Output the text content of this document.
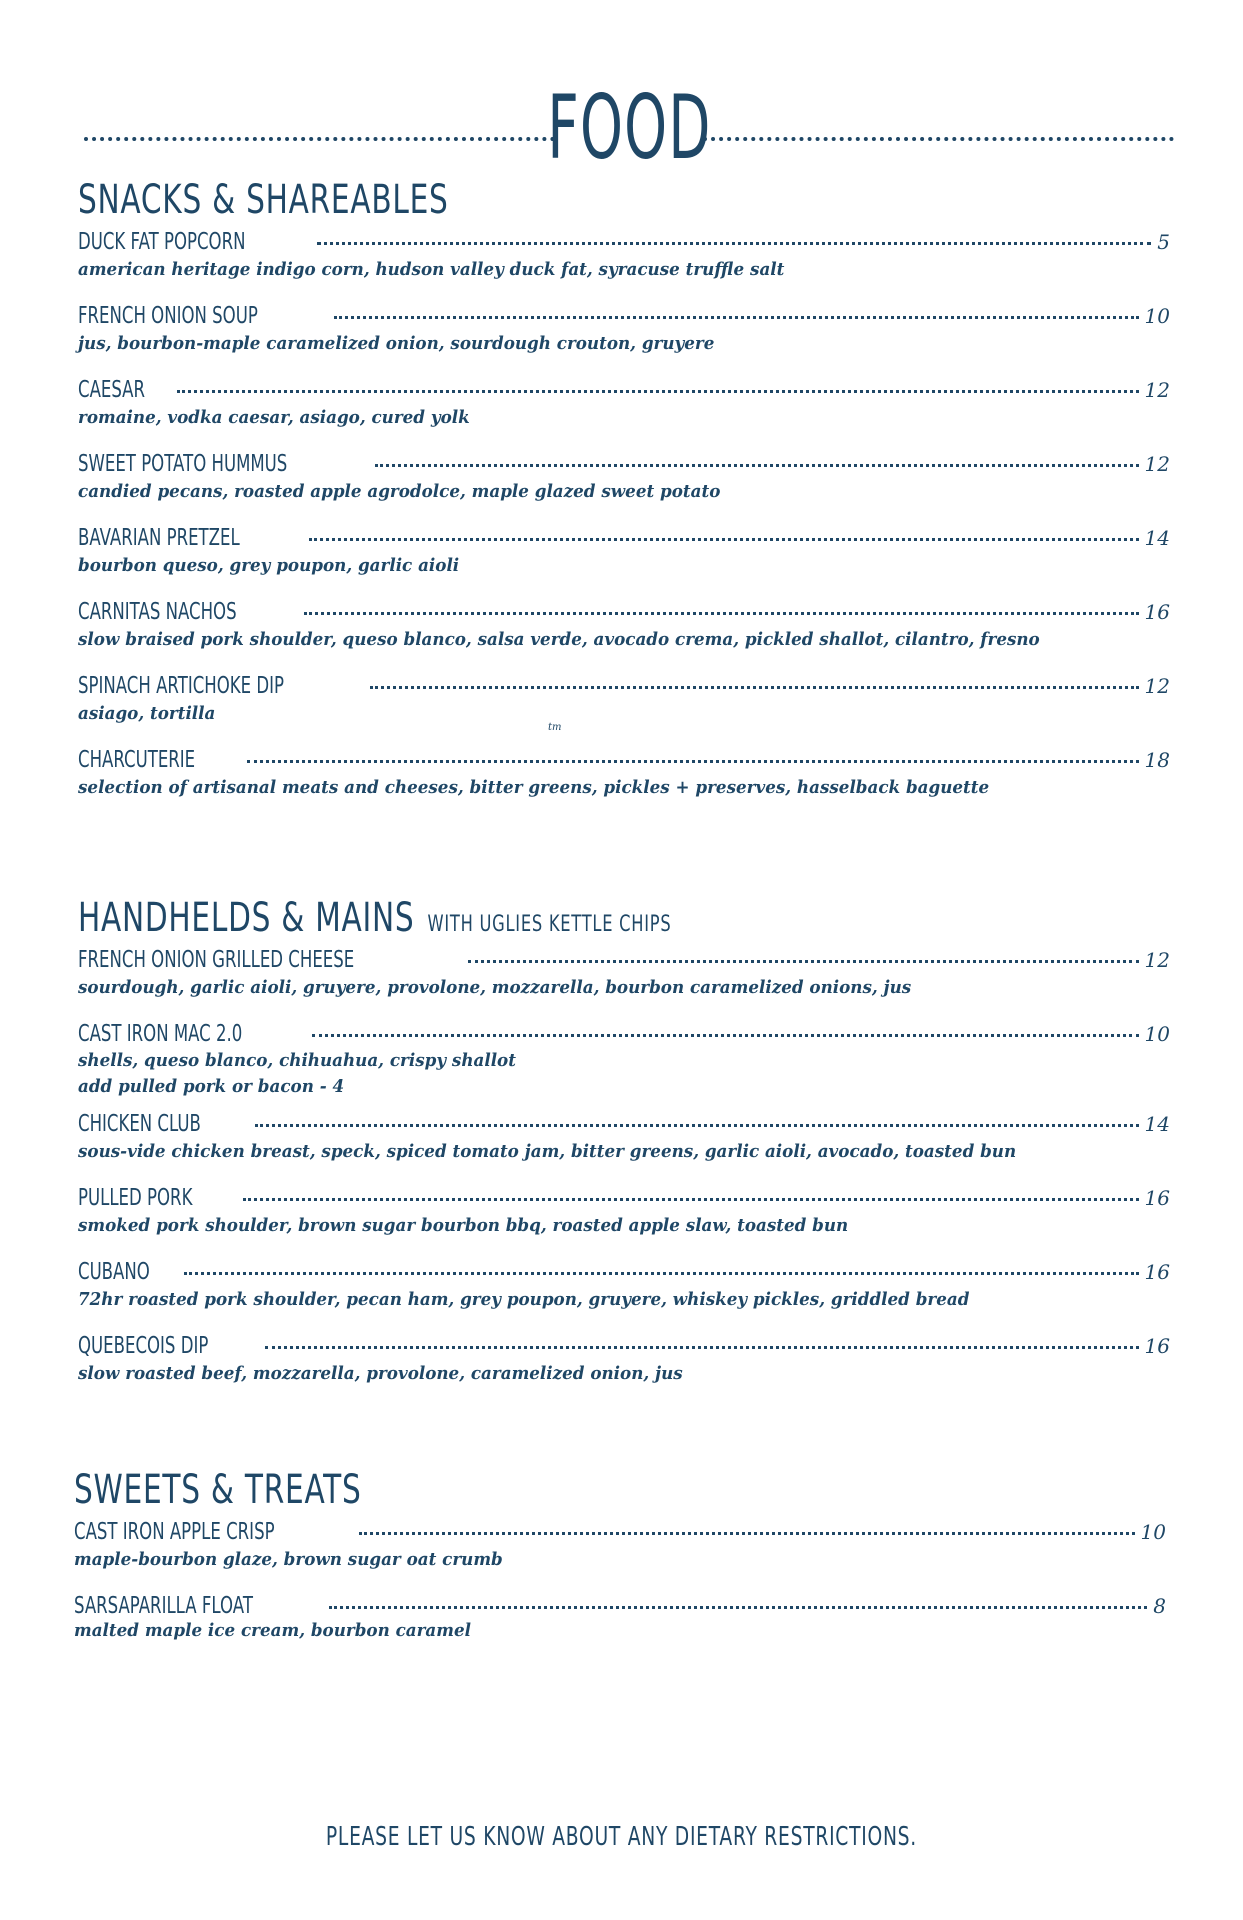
FOOD
SNACKS & SHAREABLES
DUCK FAT POPCORN	5
american heritage indigo corn, hudson valley duck fat, syracuse truffle salt
FRENCH ONION SOUP	10
jus, bourbon-maple caramelized onion, sourdough crouton, gruyere
CAESAR	12
romaine, vodka caesar, asiago, cured yolk
SWEET POTATO HUMMUS	12
candied pecans, roasted apple agrodolce, maple glazed sweet potato
BAVARIAN PRETZEL	14
bourbon queso, grey poupon, garlic aioli
CARNITAS NACHOS	16
slow braised pork shoulder, queso blanco, salsa verde, avocado crema, pickled shallot, cilantro, fresno
SPINACH ARTICHOKE DIP	12
asiago, tortilla
CHARCUTERIE	18
selection of artisanal meats and cheeses, bitter greens, pickles + preserves, hasselback baguette
tm
HANDHELDS & MAINS WITH UGLIES KETTLE CHIPS
FRENCH ONION GRILLED CHEESE	12
sourdough, garlic aioli, gruyere, provolone, mozzarella, bourbon caramelized onions, jus
CAST IRON MAC 2.0	10
shells, queso blanco, chihuahua, crispy shallot
add pulled pork or bacon - 4
CHICKEN CLUB	14
sous-vide chicken breast, speck, spiced tomato jam, bitter greens, garlic aioli, avocado, toasted bun
PULLED PORK	16
smoked pork shoulder, brown sugar bourbon bbq, roasted apple slaw, toasted bun
CUBANO	16
72hr roasted pork shoulder, pecan ham, grey poupon, gruyere, whiskey pickles, griddled bread
QUEBECOIS DIP	16
slow roasted beef, mozzarella, provolone, caramelized onion, jus
SWEETS & TREATS
CAST IRON APPLE CRISP	10
maple-bourbon glaze, brown sugar oat crumb
SARSAPARILLA FLOAT	8
malted maple ice cream, bourbon caramel
PLEASE LET US KNOW ABOUT ANY DIETARY RESTRICTIONS.
